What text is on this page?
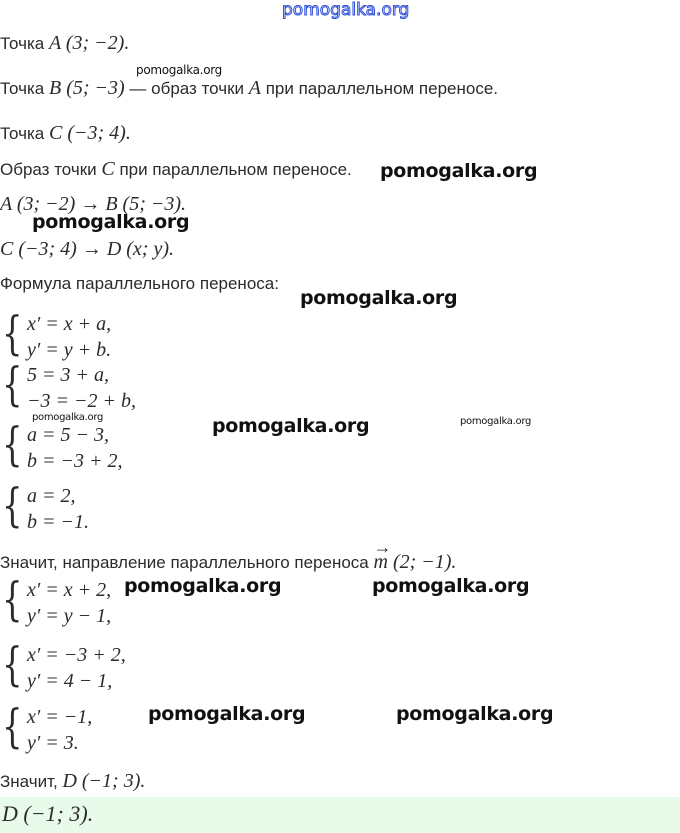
pomogalka.org
Точка A (3; −2).
Точка B (5; −3) — образ точки A при параллельном переносе.
Точка C (−3; 4).
Образ точки C при параллельном переносе.
A (3; −2) → B (5; −3).
C (−3; 4) → D (x; y).
Формула параллельного переноса:
{ x′ = x + a,
y′ = y + b.
{ 5 = 3 + a,
−3 = −2 + b,
{ a = 5 − 3,
b = −3 + 2,
{ a = 2,
b = −1.
Значит, направление параллельного переноса → m (2; −1).
{ x′ = x + 2,
y′ = y − 1,
{ x′ = −3 + 2,
y′ = 4 − 1,
{ x′ = −1,
y′ = 3.
Значит, D (−1; 3).
D (−1; 3).
pomogalka.org
pomogalka.org
pomogalka.org
pomogalka.org
pomogalka.org	pomogalka.org	pomogalka.org
pomogalka.org	pomogalka.org
pomogalka.org	pomogalka.org
